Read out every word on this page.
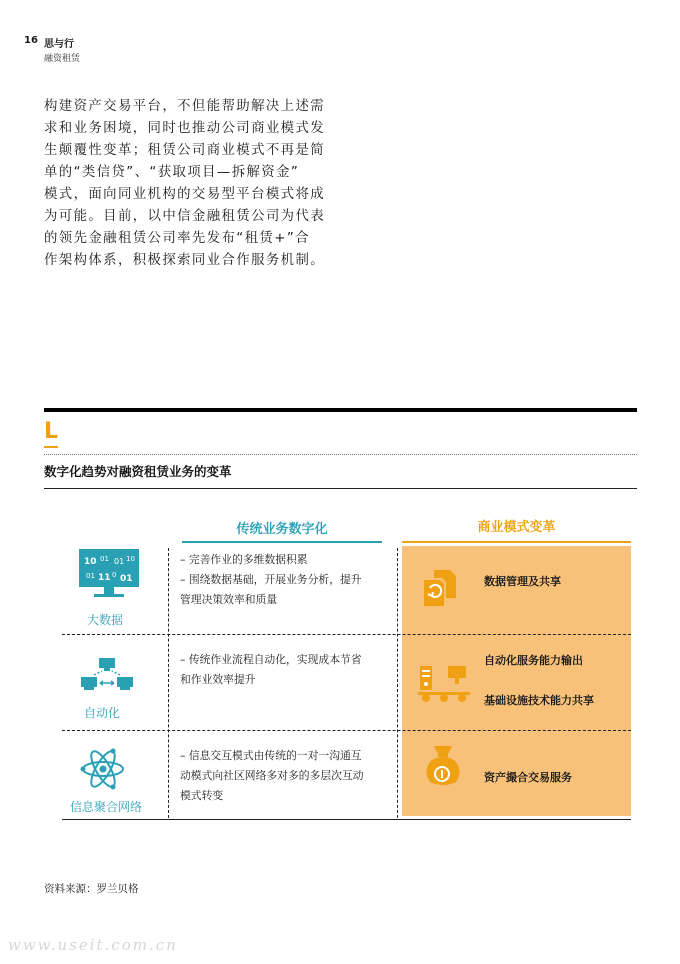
16 思与行
融资租赁
构建资产交易平台，不但能帮助解决上述需
求和业务困境，同时也推动公司商业模式发
生颠覆性变革；租赁公司商业模式不再是简
单的“类信贷”、“获取项目—拆解资金”
模式，面向同业机构的交易型平台模式将成
为可能。目前，以中信金融租赁公司为代表
的领先金融租赁公司率先发布“租赁+”合
作架构体系，积极探索同业合作服务机制。
L
数字化趋势对融资租赁业务的变革
传统业务数字化	商业模式变革
10 01 01 10
01 11 0 01
大数据
– 完善作业的多维数据积累
– 围绕数据基础，开展业务分析，提升
管理决策效率和质量
数据管理及共享
自动化
– 传统作业流程自动化，实现成本节省
和作业效率提升
自动化服务能力输出
基础设施技术能力共享
信息聚合网络
– 信息交互模式由传统的一对一沟通互
动模式向社区网络多对多的多层次互动
模式转变
资产撮合交易服务
资料来源：罗兰贝格
www.useit.com.cn
